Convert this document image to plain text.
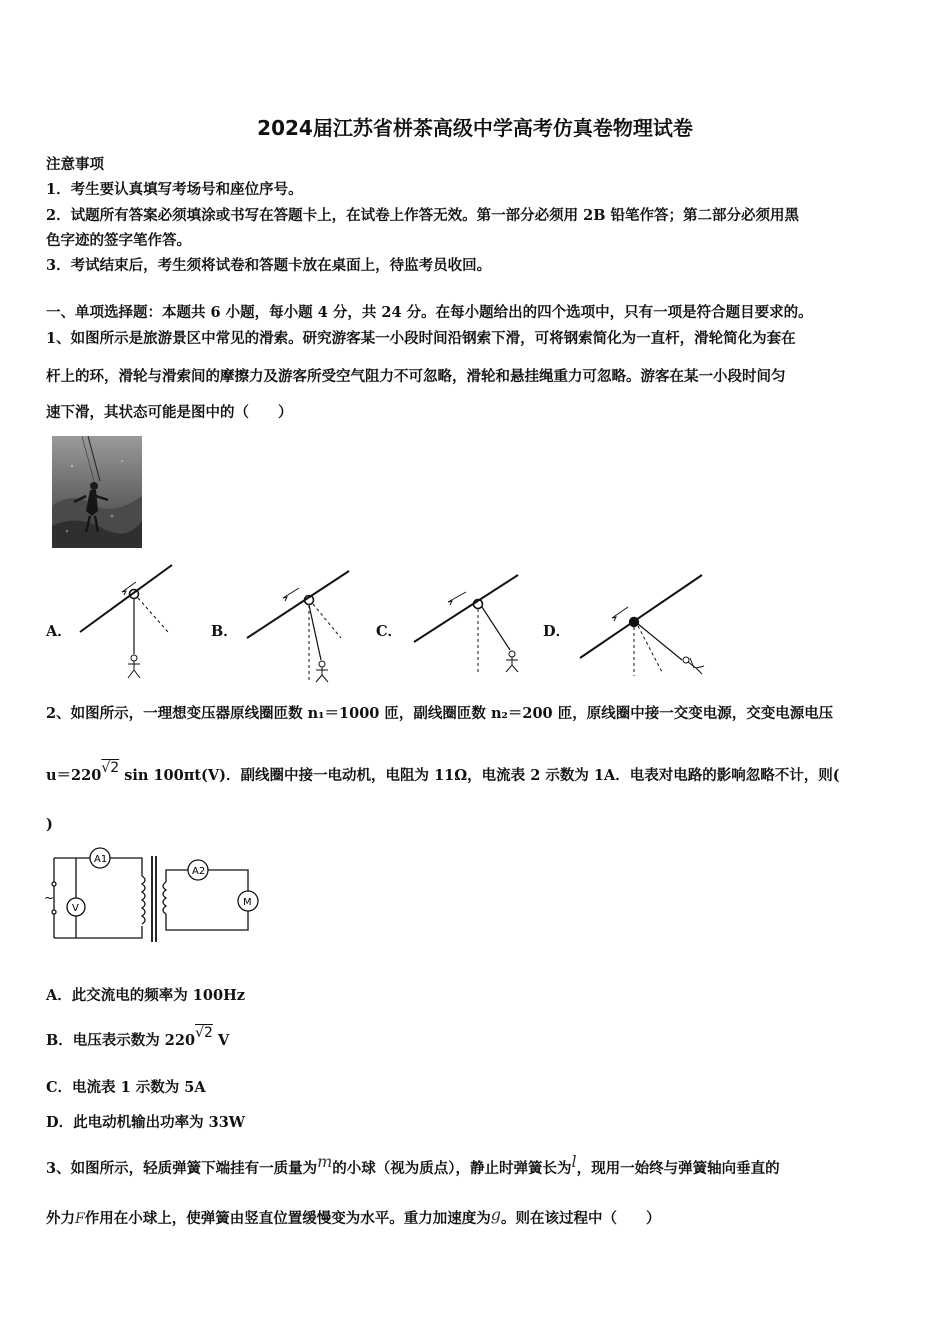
2024届江苏省栟茶高级中学高考仿真卷物理试卷
注意事项
1．考生要认真填写考场号和座位序号。
2．试题所有答案必须填涂或书写在答题卡上，在试卷上作答无效。第一部分必须用 2B 铅笔作答；第二部分必须用黑
色字迹的签字笔作答。
3．考试结束后，考生须将试卷和答题卡放在桌面上，待监考员收回。
一、单项选择题：本题共 6 小题，每小题 4 分，共 24 分。在每小题给出的四个选项中，只有一项是符合题目要求的。
1、如图所示是旅游景区中常见的滑索。研究游客某一小段时间沿钢索下滑，可将钢索简化为一直杆，滑轮简化为套在
杆上的环，滑轮与滑索间的摩擦力及游客所受空气阻力不可忽略，滑轮和悬挂绳重力可忽略。游客在某一小段时间匀
速下滑，其状态可能是图中的（　　）
A．	B．	C．	D．
2、如图所示，一理想变压器原线圈匝数 n₁＝1000 匝，副线圈匝数 n₂＝200 匝，原线圈中接一交变电源，交变电源电压
u＝220√2 sin 100πt(V)．副线圈中接一电动机，电阻为 11Ω，电流表 2 示数为 1A．电表对电路的影响忽略不计，则(
)
A1
V
~
A2
M
A．此交流电的频率为 100Hz
B．电压表示数为 220√2 V
C．电流表 1 示数为 5A
D．此电动机输出功率为 33W
3、如图所示，轻质弹簧下端挂有一质量为m的小球（视为质点），静止时弹簧长为l，现用一始终与弹簧轴向垂直的
外力F作用在小球上，使弹簧由竖直位置缓慢变为水平。重力加速度为g。则在该过程中（　　）
